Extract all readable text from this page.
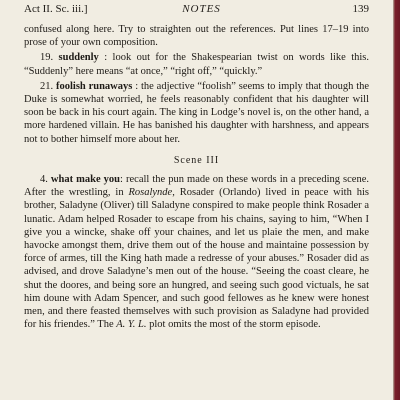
Act II. Sc. iii.]	NOTES	139

confused along here. Try to straighten out the references. Put lines 17–19 into prose of your own composition.

19. suddenly : look out for the Shakespearian twist on words like this. “Suddenly” here means “at once,” “right off,” “quickly.”

21. foolish runaways : the adjective “foolish” seems to imply that though the Duke is somewhat worried, he feels reasonably confident that his daughter will soon be back in his court again. The king in Lodge’s novel is, on the other hand, a more hardened villain. He has banished his daughter with harshness, and appears not to bother himself more about her.

Scene III

4. what make you: recall the pun made on these words in a preceding scene. After the wrestling, in Rosalynde, Rosader (Orlando) lived in peace with his brother, Saladyne (Oliver) till Saladyne conspired to make people think Rosader a lunatic. Adam helped Rosader to escape from his chains, saying to him, “When I give you a wincke, shake off your chaines, and let us plaie the men, and make havocke amongst them, drive them out of the house and maintaine possession by force of armes, till the King hath made a redresse of your abuses.” Rosader did as advised, and drove Saladyne’s men out of the house. “Seeing the coast cleare, he shut the doores, and being sore an hungred, and seeing such good victuals, he sat him doune with Adam Spencer, and such good fellowes as he knew were honest men, and there feasted themselves with such provision as Saladyne had provided for his friendes.” The A. Y. L. plot omits the most of the storm episode.
